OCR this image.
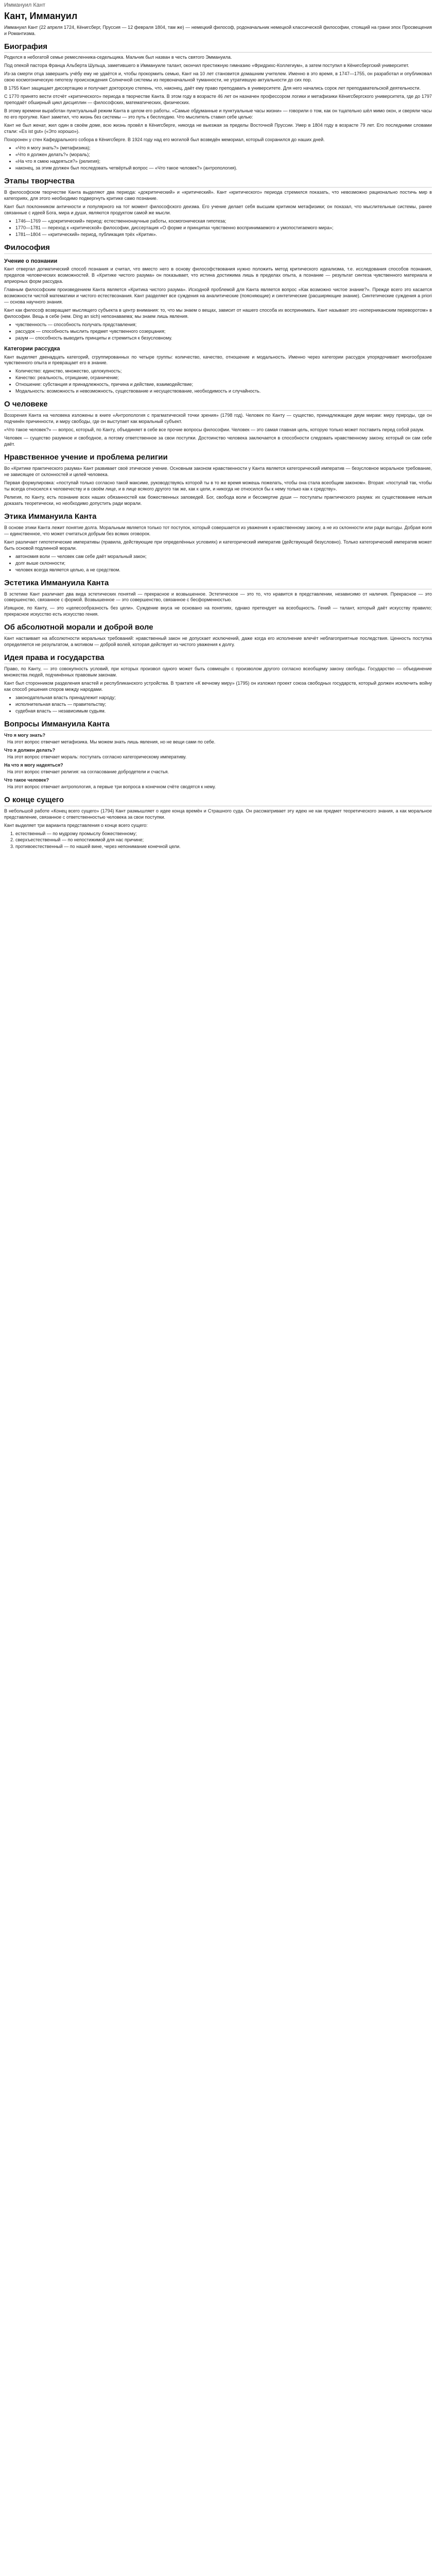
Иммануил Кант
Кант, Иммануил

Иммануил Кант (22 апреля 1724, Кёнигсберг, Пруссия — 12 февраля 1804, там же) — немецкий философ, родоначальник немецкой классической философии, стоящий на грани эпох Просвещения и Романтизма.

Биография

Родился в небогатой семье ремесленника-седельщика. Мальчик был назван в честь святого Эммануила.

Под опекой пастора Франца Альберта Шульца, заметившего в Иммануиле талант, окончил престижную гимназию «Фридрихс-Коллегиум», а затем поступил в Кёнигсбергский университет.

Из-за смерти отца завершить учёбу ему не удаётся и, чтобы прокормить семью, Кант на 10 лет становится домашним учителем. Именно в это время, в 1747—1755, он разработал и опубликовал свою космогоническую гипотезу происхождения Солнечной системы из первоначальной туманности, не утратившую актуальности до сих пор.

В 1755 Кант защищает диссертацию и получает докторскую степень, что, наконец, даёт ему право преподавать в университете. Для него начались сорок лет преподавательской деятельности.

С 1770 принято вести отсчёт «критического» периода в творчестве Канта. В этом году в возрасте 46 лет он назначен профессором логики и метафизики Кёнигсбергского университета, где до 1797 преподаёт обширный цикл дисциплин — философских, математических, физических.

В этому времени выработан пунктуальный режим Канта в целом его работы. «Самые обдуманные и пунктуальные часы жизни» — говорили о том, как он тщательно шёл мимо окон, и сверяли часы по его прогулке. Кант заметил, что жизнь без системы — это путь к бесплодию. Что мыслитель ставил себе целью:

Кант не был женат, жил один в своём доме, всю жизнь провёл в Кёнигсберге, никогда не выезжая за пределы Восточной Пруссии. Умер в 1804 году в возрасте 79 лет. Его последними словами стали: «Es ist gut» («Это хорошо»).

Похоронен у стен Кафедрального собора в Кёнигсберге. В 1924 году над его могилой был возведён мемориал, который сохранился до наших дней.

• «Что я могу знать?» (метафизика);
• «Что я должен делать?» (мораль);
• «На что я смею надеяться?» (религия);
• наконец, за этим должен был последовать четвёртый вопрос — «Что такое человек?» (антропология).
Этапы творчества

В философском творчестве Канта выделяют два периода: «докритический» и «критический». Кант «критического» периода стремился показать, что невозможно рационально постичь мир в категориях, для этого необходимо подвергнуть критике само познание.

Кант был поклонником античности и популярного на тот момент философского деизма. Его учение делает себя высшим критиком метафизики; он показал, что мыслительные системы, ранее связанные с идеей Бога, мира и души, являются продуктом самой же мысли.

• 1746—1769 — «докритический» период: естественнонаучные работы, космогоническая гипотеза;
• 1770—1781 — переход к «критической» философии, диссертация «О форме и принципах чувственно воспринимаемого и умопостигаемого мира»;
• 1781—1804 — «критический» период, публикация трёх «Критик».
Философия
Учение о познании

Кант отвергал догматический способ познания и считал, что вместо него в основу философствования нужно положить метод критического идеализма, т.е. исследования способов познания, пределов человеческих возможностей. В «Критике чистого разума» он показывает, что истина достижима лишь в пределах опыта, а познание — результат синтеза чувственного материала и априорных форм рассудка.

Главным философским произведением Канта является «Критика чистого разума». Исходной проблемой для Канта является вопрос «Как возможно чистое знание?». Прежде всего это касается возможности чистой математики и чистого естествознания. Кант разделяет все суждения на аналитические (поясняющие) и синтетические (расширяющие знание). Синтетические суждения a priori — основа научного знания.

Кант как философ возвращает мыслящего субъекта в центр внимания: то, что мы знаем о вещах, зависит от нашего способа их воспринимать. Кант называет это «коперниканским переворотом» в философии. Вещь в себе (нем. Ding an sich) непознаваема; мы знаем лишь явления.

• чувственность — способность получать представления;
• рассудок — способность мыслить предмет чувственного созерцания;
• разум — способность выводить принципы и стремиться к безусловному.
Категории рассудка

Кант выделяет двенадцать категорий, сгруппированных по четыре группы: количество, качество, отношение и модальность. Именно через категории рассудок упорядочивает многообразие чувственного опыта и превращает его в знание.

• Количество: единство, множество, целокупность;
• Качество: реальность, отрицание, ограничение;
• Отношение: субстанция и принадлежность, причина и действие, взаимодействие;
• Модальность: возможность и невозможность, существование и несуществование, необходимость и случайность.
О человеке

Воззрения Канта на человека изложены в книге «Антропология с прагматической точки зрения» (1798 год). Человек по Канту — существо, принадлежащее двум мирам: миру природы, где он подчинён причинности, и миру свободы, где он выступает как моральный субъект.

«Что такое человек?» — вопрос, который, по Канту, объединяет в себе все прочие вопросы философии. Человек — это самая главная цель, которую только может поставить перед собой разум.

Человек — существо разумное и свободное, а потому ответственное за свои поступки. Достоинство человека заключается в способности следовать нравственному закону, который он сам себе даёт.

Нравственное учение и проблема религии

Во «Критике практического разума» Кант развивает своё этическое учение. Основным законом нравственности у Канта является категорический императив — безусловное моральное требование, не зависящее от склонностей и целей человека.

Первая формулировка: «поступай только согласно такой максиме, руководствуясь которой ты в то же время можешь пожелать, чтобы она стала всеобщим законом». Вторая: «поступай так, чтобы ты всегда относился к человечеству и в своём лице, и в лице всякого другого так же, как к цели, и никогда не относился бы к нему только как к средству».

Религия, по Канту, есть познание всех наших обязанностей как божественных заповедей. Бог, свобода воли и бессмертие души — постулаты практического разума: их существование нельзя доказать теоретически, но необходимо допустить ради морали.

Этика Иммануила Канта

В основе этики Канта лежит понятие долга. Моральным является только тот поступок, который совершается из уважения к нравственному закону, а не из склонности или ради выгоды. Добрая воля — единственное, что может считаться добрым без всяких оговорок.

Кант различает гипотетические императивы (правила, действующие при определённых условиях) и категорический императив (действующий безусловно). Только категорический императив может быть основой подлинной морали.

• автономия воли — человек сам себе даёт моральный закон;
• долг выше склонности;
• человек всегда является целью, а не средством.
Эстетика Иммануила Канта

В эстетике Кант различает два вида эстетических понятий — прекрасное и возвышенное. Эстетическое — это то, что нравится в представлении, независимо от наличия. Прекрасное — это совершенство, связанное с формой. Возвышенное — это совершенство, связанное с бесформенностью.

Изящное, по Канту, — это «целесообразность без цели». Суждение вкуса не основано на понятиях, однако претендует на всеобщность. Гений — талант, который даёт искусству правило; прекрасное искусство есть искусство гения.

Об абсолютной морали и доброй воле

Кант настаивает на абсолютности моральных требований: нравственный закон не допускает исключений, даже когда его исполнение влечёт неблагоприятные последствия. Ценность поступка определяется не результатом, а мотивом — доброй волей, которая действует из чистого уважения к долгу.

Идея права и государства

Право, по Канту, — это совокупность условий, при которых произвол одного может быть совмещён с произволом другого согласно всеобщему закону свободы. Государство — объединение множества людей, подчинённых правовым законам.

Кант был сторонником разделения властей и республиканского устройства. В трактате «К вечному миру» (1795) он изложил проект союза свободных государств, который должен исключить войну как способ решения споров между народами.

• законодательная власть принадлежит народу;
• исполнительная власть — правительству;
• судебная власть — независимым судьям.
Вопросы Иммануила Канта
Что я могу знать?
На этот вопрос отвечает метафизика. Мы можем знать лишь явления, но не вещи сами по себе.
Что я должен делать?
На этот вопрос отвечает мораль: поступать согласно категорическому императиву.
На что я могу надеяться?
На этот вопрос отвечает религия: на согласование добродетели и счастья.
Что такое человек?
На этот вопрос отвечает антропология, а первые три вопроса в конечном счёте сводятся к нему.
О конце сущего

В небольшой работе «Конец всего сущего» (1794) Кант размышляет о идее конца времён и Страшного суда. Он рассматривает эту идею не как предмет теоретического знания, а как моральное представление, связанное с ответственностью человека за свои поступки.

Кант выделяет три варианта представления о конце всего сущего:

1. естественный — по мудрому промыслу божественному;
2. сверхъестественный — по непостижимой для нас причине;
3. противоестественный — по нашей вине, через непонимание конечной цели.
